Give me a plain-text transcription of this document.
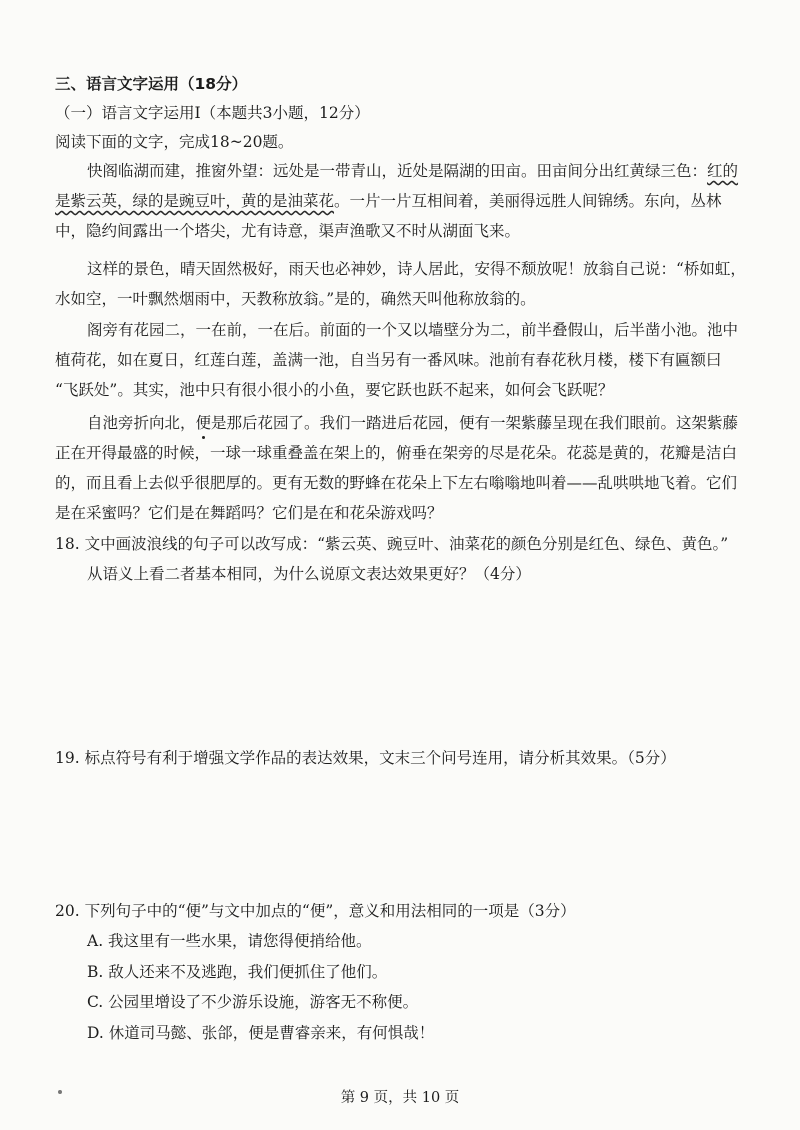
三、语言文字运用（18分）
（一）语言文字运用Ⅰ（本题共3小题，12分）
阅读下面的文字，完成18~20题。
快阁临湖而建，推窗外望：远处是一带青山，近处是隔湖的田亩。田亩间分出红黄绿三色：红的
是紫云英，绿的是豌豆叶，黄的是油菜花。一片一片互相间着，美丽得远胜人间锦绣。东向，丛林
中，隐约间露出一个塔尖，尤有诗意，渠声渔歌又不时从湖面飞来。
这样的景色，晴天固然极好，雨天也必神妙，诗人居此，安得不颓放呢！放翁自己说：“桥如虹，
水如空，一叶飘然烟雨中，天教称放翁。”是的，确然天叫他称放翁的。
阁旁有花园二，一在前，一在后。前面的一个又以墙壁分为二，前半叠假山，后半凿小池。池中
植荷花，如在夏日，红莲白莲，盖满一池，自当另有一番风味。池前有春花秋月楼，楼下有匾额曰
“飞跃处”。其实，池中只有很小很小的小鱼，要它跃也跃不起来，如何会飞跃呢？
自池旁折向北，便是那后花园了。我们一踏进后花园，便有一架紫藤呈现在我们眼前。这架紫藤
正在开得最盛的时候，一球一球重叠盖在架上的，俯垂在架旁的尽是花朵。花蕊是黄的，花瓣是洁白
的，而且看上去似乎很肥厚的。更有无数的野蜂在花朵上下左右嗡嗡地叫着——乱哄哄地飞着。它们
是在采蜜吗？它们是在舞蹈吗？它们是在和花朵游戏吗？
18. 文中画波浪线的句子可以改写成：“紫云英、豌豆叶、油菜花的颜色分别是红色、绿色、黄色。”
从语义上看二者基本相同，为什么说原文表达效果更好？（4分）
19. 标点符号有利于增强文学作品的表达效果，文末三个问号连用，请分析其效果。（5分）
20. 下列句子中的“便”与文中加点的“便”，意义和用法相同的一项是（3分）
A. 我这里有一些水果，请您得便捎给他。
B. 敌人还来不及逃跑，我们便抓住了他们。
C. 公园里增设了不少游乐设施，游客无不称便。
D. 休道司马懿、张郃，便是曹睿亲来，有何惧哉！
第 9 页，共 10 页
